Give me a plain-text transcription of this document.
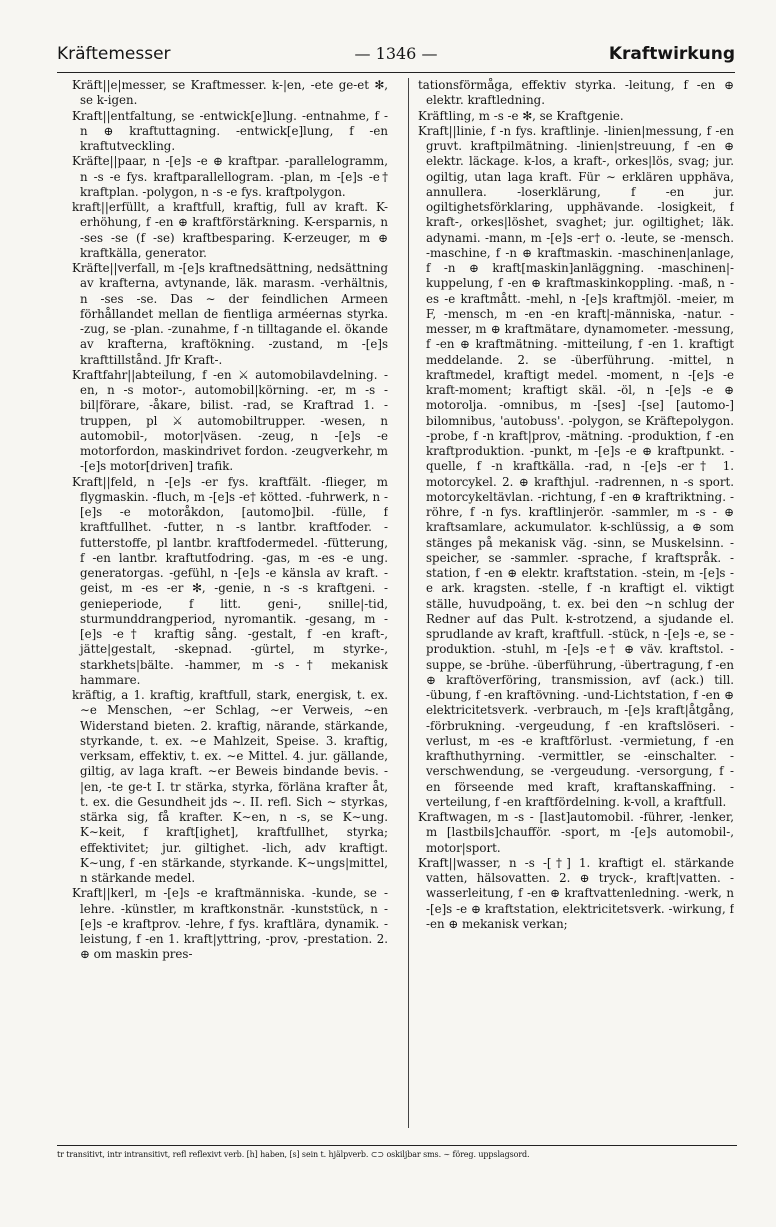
Kräftemesser	— 1346 —	Kraftwirkung

Kräft||e|messer, se Kraftmesser. k-|en, -ete ge-et ✻, se k-igen.

Kraft||entfaltung, se -entwick[e]lung. -entnahme, f -n ⊕ kraftuttagning. -entwick[e]lung, f -en kraftutveckling.

Kräfte||paar, n -[e]s -e ⊕ kraftpar. -parallelogramm, n -s -e fys. kraftparallellogram. -plan, m -[e]s -e† kraftplan. -polygon, n -s -e fys. kraftpolygon.

kraft||erfüllt, a kraftfull, kraftig, full av kraft. K-erhöhung, f -en ⊕ kraftförstärkning. K-ersparnis, n -ses -se (f -se) kraftbesparing. K-erzeuger, m ⊕ kraftkälla, generator.

Kräfte||verfall, m -[e]s kraftnedsättning, nedsättning av krafterna, avtynande, läk. marasm. -verhältnis, n -ses -se. Das ∼ der feindlichen Armeen förhållandet mellan de fientliga arméernas styrka. -zug, se -plan. -zunahme, f -n tilltagande el. ökande av krafterna, kraftökning. -zustand, m -[e]s krafttillstånd. Jfr Kraft-.

Kraftfahr||abteilung, f -en ⚔ automobilavdelning. -en, n -s motor-, automobil|körning. -er, m -s - bil|förare, -åkare, bilist. -rad, se Kraftrad 1. -truppen, pl ⚔ automobiltrupper. -wesen, n automobil-, motor|väsen. -zeug, n -[e]s -e motorfordon, maskindrivet fordon. -zeugverkehr, m -[e]s motor[driven] trafik.

Kraft||feld, n -[e]s -er fys. kraftfält. -flieger, m flygmaskin. -fluch, m -[e]s -e† kötted. -fuhrwerk, n -[e]s -e motoråkdon, [automo]bil. -fülle, f kraftfullhet. -futter, n -s lantbr. kraftfoder. -futterstoffe, pl lantbr. kraftfodermedel. -fütterung, f -en lantbr. kraftutfodring. -gas, m -es -e ung. generatorgas. -gefühl, n -[e]s -e känsla av kraft. -geist, m -es -er ✻, -genie, n -s -s kraftgeni. -genieperiode, f litt. geni-, snille|-tid, sturmunddrangperiod, nyromantik. -gesang, m -[e]s -e† kraftig sång. -gestalt, f -en kraft-, jätte|gestalt, -skepnad. -gürtel, m styrke-, starkhets|bälte. -hammer, m -s -† mekanisk hammare.

kräftig, a 1. kraftig, kraftfull, stark, energisk, t. ex. ∼e Menschen, ∼er Schlag, ∼er Verweis, ∼en Widerstand bieten. 2. kraftig, närande, stärkande, styrkande, t. ex. ∼e Mahlzeit, Speise. 3. kraftig, verksam, effektiv, t. ex. ∼e Mittel. 4. jur. gällande, giltig, av laga kraft. ∼er Beweis bindande bevis. -|en, -te ge-t I. tr stärka, styrka, förläna krafter åt, t. ex. die Gesundheit jds ∼. II. refl. Sich ∼ styrkas, stärka sig, få krafter. K∼en, n -s, se K∼ung. K∼keit, f kraft[ighet], kraftfullhet, styrka; effektivitet; jur. giltighet. -lich, adv kraftigt. K∼ung, f -en stärkande, styrkande. K∼ungs|mittel, n stärkande medel.

Kraft||kerl, m -[e]s -e kraftmänniska. -kunde, se -lehre. -künstler, m kraftkonstnär. -kunststück, n -[e]s -e kraftprov. -lehre, f fys. kraftlära, dynamik. -leistung, f -en 1. kraft|yttring, -prov, -prestation. 2. ⊕ om maskin pres-

tationsförmåga, effektiv styrka. -leitung, f -en ⊕ elektr. kraftledning.

Kräftling, m -s -e ✻, se Kraftgenie.

Kraft||linie, f -n fys. kraftlinje. -linien|messung, f -en gruvt. kraftpilmätning. -linien|streuung, f -en ⊕ elektr. läckage. k-los, a kraft-, orkes|lös, svag; jur. ogiltig, utan laga kraft. Für ∼ erklären upphäva, annullera. -loserklärung, f -en jur. ogiltighetsförklaring, upphävande. -losigkeit, f kraft-, orkes|löshet, svaghet; jur. ogiltighet; läk. adynami. -mann, m -[e]s -er† o. -leute, se -mensch. -maschine, f -n ⊕ kraftmaskin. -maschinen|anlage, f -n ⊕ kraft[maskin]anläggning. -maschinen|-kuppelung, f -en ⊕ kraftmaskinkoppling. -maß, n -es -e kraftmått. -mehl, n -[e]s kraftmjöl. -meier, m F, -mensch, m -en -en kraft|-människa, -natur. -messer, m ⊕ kraftmätare, dynamometer. -messung, f -en ⊕ kraftmätning. -mitteilung, f -en 1. kraftigt meddelande. 2. se -überführung. -mittel, n kraftmedel, kraftigt medel. -moment, n -[e]s -e kraft-moment; kraftigt skäl. -öl, n -[e]s -e ⊕ motorolja. -omnibus, m -[ses] -[se] [automo-] bilomnibus, 'autobuss'. -polygon, se Kräftepolygon. -probe, f -n kraft|prov, -mätning. -produktion, f -en kraftproduktion. -punkt, m -[e]s -e ⊕ kraftpunkt. -quelle, f -n kraftkälla. -rad, n -[e]s -er† 1. motorcykel. 2. ⊕ krafthjul. -radrennen, n -s sport. motorcykeltävlan. -richtung, f -en ⊕ kraftriktning. -röhre, f -n fys. kraftlinjerör. -sammler, m -s - ⊕ kraftsamlare, ackumulator. k-schlüssig, a ⊕ som stänges på mekanisk väg. -sinn, se Muskelsinn. -speicher, se -sammler. -sprache, f kraftspråk. -station, f -en ⊕ elektr. kraftstation. -stein, m -[e]s -e ark. kragsten. -stelle, f -n kraftigt el. viktigt ställe, huvudpoäng, t. ex. bei den ∼n schlug der Redner auf das Pult. k-strotzend, a sjudande el. sprudlande av kraft, kraftfull. -stück, n -[e]s -e, se -produktion. -stuhl, m -[e]s -e† ⊕ väv. kraftstol. -suppe, se -brühe. -überführung, -übertragung, f -en ⊕ kraftöverföring, transmission, avf (ack.) till. -übung, f -en kraftövning. -und-Lichtstation, f -en ⊕ elektricitetsverk. -verbrauch, m -[e]s kraft|åtgång, -förbrukning. -vergeudung, f -en kraftslöseri. -verlust, m -es -e kraftförlust. -vermietung, f -en krafthuthyrning. -vermittler, se -einschalter. -verschwendung, se -vergeudung. -versorgung, f -en förseende med kraft, kraftanskaffning. -verteilung, f -en kraftfördelning. k-voll, a kraftfull.

Kraftwagen, m -s - [last]automobil. -führer, -lenker, m [lastbils]chaufför. -sport, m -[e]s automobil-, motor|sport.

Kraft||wasser, n -s -[†] 1. kraftigt el. stärkande vatten, hälsovatten. 2. ⊕ tryck-, kraft|vatten. -wasserleitung, f -en ⊕ kraftvattenledning. -werk, n -[e]s -e ⊕ kraftstation, elektricitetsverk. -wirkung, f -en ⊕ mekanisk verkan;

tr transitivt, intr intransitivt, refl reflexivt verb. [h] haben, [s] sein t. hjälpverb. ⊂⊃ oskiljbar sms. ∼ föreg. uppslagsord.
